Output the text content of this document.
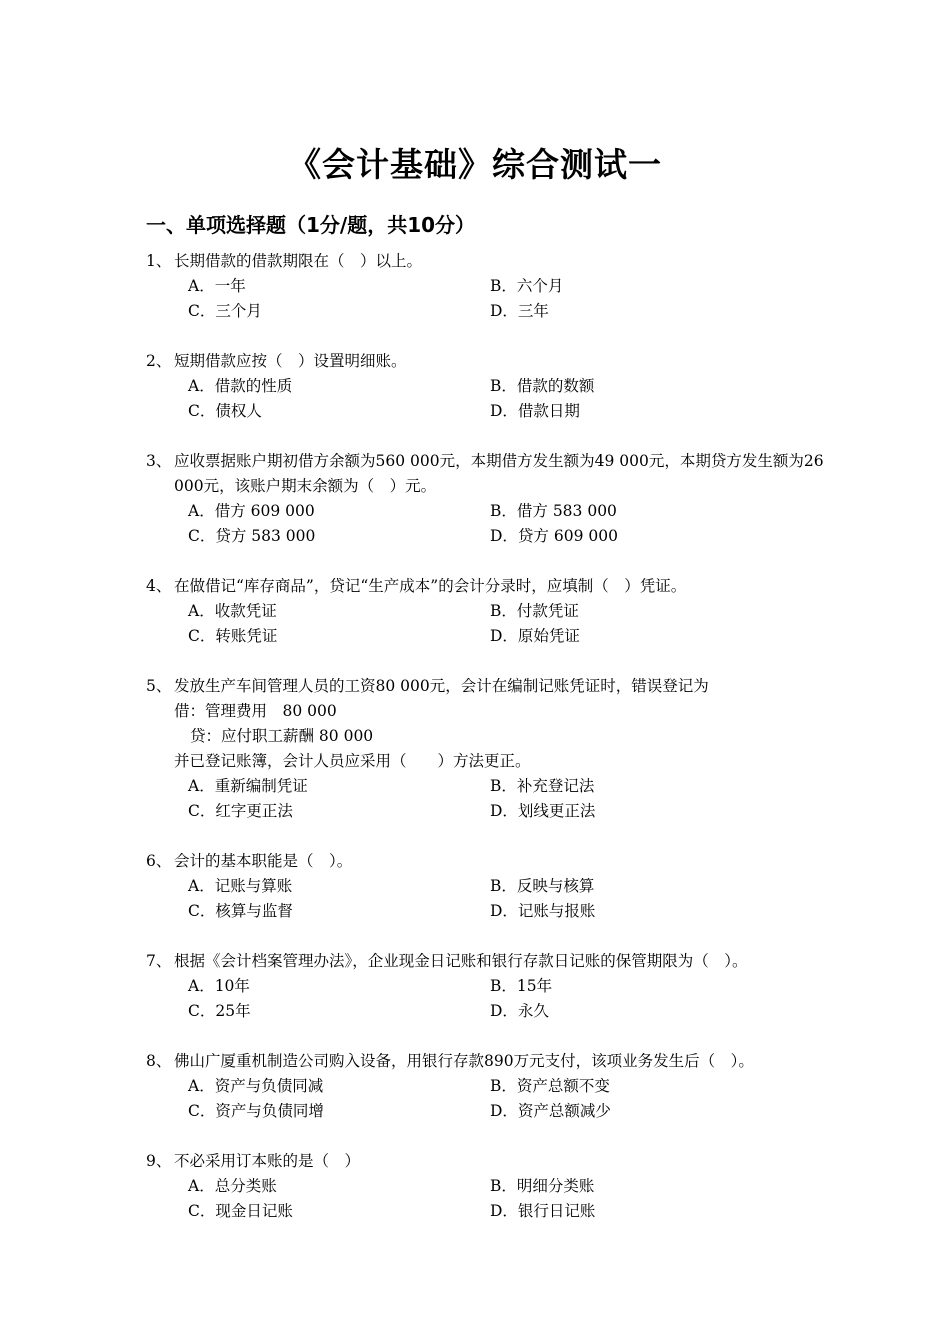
《会计基础》综合测试一
一、单项选择题（1分/题，共10分）
1、 长期借款的借款期限在（　）以上。
A．一年	B．六个月
C．三个月	D．三年
2、 短期借款应按（　）设置明细账。
A．借款的性质	B．借款的数额
C．债权人	D．借款日期
3、 应收票据账户期初借方余额为560 000元，本期借方发生额为49 000元，本期贷方发生额为26 000元，该账户期末余额为（　）元。
A．借方 609 000	B．借方 583 000
C．贷方 583 000	D．贷方 609 000
4、 在做借记“库存商品”，贷记“生产成本”的会计分录时，应填制（　）凭证。
A．收款凭证	B．付款凭证
C．转账凭证	D．原始凭证
5、 发放生产车间管理人员的工资80 000元，会计在编制记账凭证时，错误登记为
借：管理费用　80 000
贷：应付职工薪酬 80 000
并已登记账簿，会计人员应采用（　　）方法更正。
A．重新编制凭证	B．补充登记法
C．红字更正法	D．划线更正法
6、 会计的基本职能是（　）。
A．记账与算账	B．反映与核算
C．核算与监督	D．记账与报账
7、 根据《会计档案管理办法》，企业现金日记账和银行存款日记账的保管期限为（　）。
A．10年	B．15年
C．25年	D．永久
8、 佛山广厦重机制造公司购入设备，用银行存款890万元支付，该项业务发生后（　）。
A．资产与负债同减	B．资产总额不变
C．资产与负债同增	D．资产总额减少
9、 不必采用订本账的是（　）
A．总分类账	B．明细分类账
C．现金日记账	D．银行日记账
